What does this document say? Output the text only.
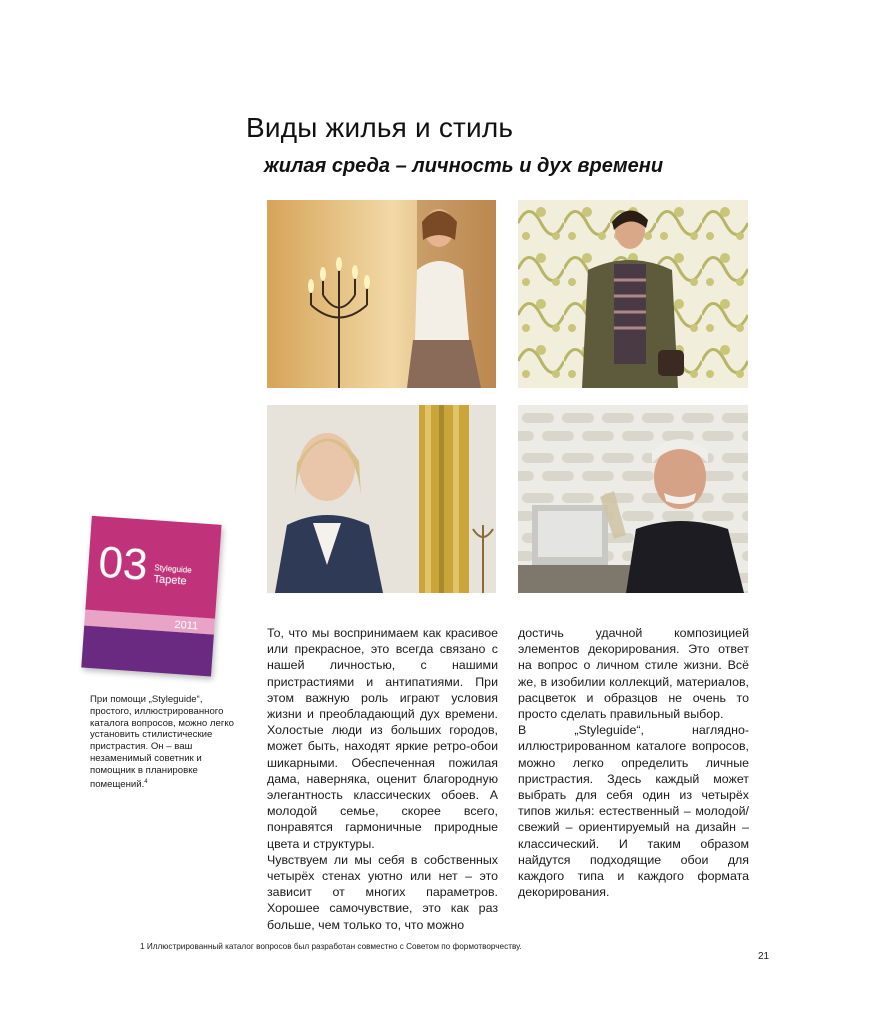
Виды жилья и стиль
жилая среда – личность и дух времени
03 Styleguide
Tapete
2011

При помощи „Styleguide“, простого, иллюстрированного каталога вопросов, можно легко установить стилистические пристрастия. Он – ваш незаменимый советник и помощник в планировке помещений.$^4$

То, что мы воспринимаем как красивое или прекрасное, это всегда связано с нашей личностью, с нашими пристрастиями и антипатиями. При этом важную роль играют условия жизни и преобладающий дух времени. Холостые люди из больших городов, может быть, находят яркие ретро-обои шикарными. Обеспеченная пожилая дама, наверняка, оценит благородную элегантность классических обоев. А молодой семье, скорее всего, понравятся гармоничные природные цвета и структуры.

Чувствуем ли мы себя в собственных четырёх стенах уютно или нет – это зависит от многих параметров. Хорошее самочувствие, это как раз больше, чем только то, что можно

достичь удачной композицией элементов декорирования. Это ответ на вопрос о личном стиле жизни. Всё же, в изобилии коллекций, материалов, расцветок и образцов не очень то просто сделать правильный выбор.

В „Styleguide“, наглядно-иллюстрированном каталоге вопросов, можно легко определить личные пристрастия. Здесь каждый может выбрать для себя один из четырёх типов жилья: естественный – молодой/свежий – ориентируемый на дизайн – классический. И таким образом найдутся подходящие обои для каждого типа и каждого формата декорирования.

1 Иллюстрированный каталог вопросов был разработан совместно с Советом по формотворчеству.
21
